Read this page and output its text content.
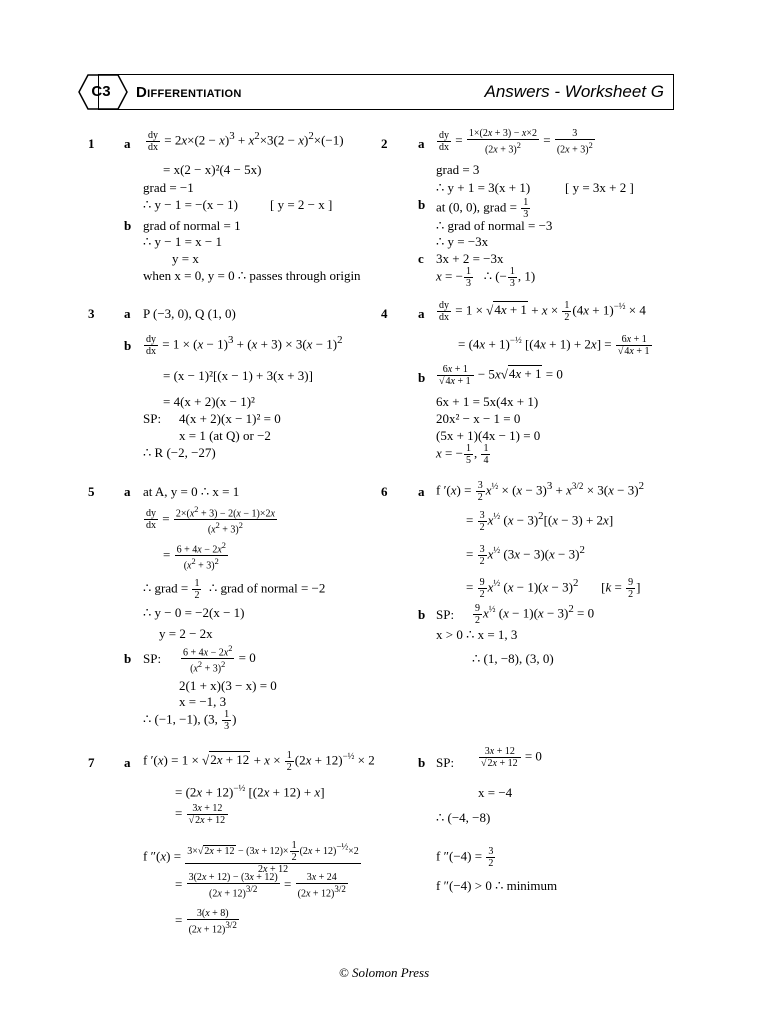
C3	Differentiation	Answers - Worksheet G
1 a $\frac{dy}{dx} = 2x\times(2 - x)^3 + x^2\times 3(2 - x)^2\times(-1)$
= x(2 − x)²(4 − 5x)
grad = −1
∴ y − 1 = −(x − 1) [ y = 2 − x ]
b grad of normal = 1
∴ y − 1 = x − 1
y = x
when x = 0, y = 0 ∴ passes through origin
2 a $\frac{dy}{dx} = \frac{1\times(2x + 3) - x\times 2}{(2x + 3)^2} = \frac{3}{(2x + 3)^2}$
grad = 3
∴ y + 1 = 3(x + 1)	[ y = 3x + 2 ]
b at (0, 0), grad = $\frac{1}{3}$
∴ grad of normal = −3
∴ y = −3x
c 3x + 2 = −3x
x = − $\frac{1}{3}$ ∴ (− $\frac{1}{3}$ , 1)
3 a P (−3, 0), Q (1, 0)
b $\frac{dy}{dx} = 1 \times (x - 1)^3 + (x + 3) \times 3(x - 1)^2$
= (x − 1)²[(x − 1) + 3(x + 3)]
= 4(x + 2)(x − 1)²
SP: 4(x + 2)(x − 1)² = 0
x = 1 (at Q) or −2
∴ R (−2, −27)
4 a $\frac{dy}{dx} = 1 \times √4x + 1 + x \times \frac{1}{2} (4x + 1)^{-\frac{1}{2}} \times 4$
= $(4x + 1)^{-\frac{1}{2}}$ $[(4x + 1) + 2x] = \frac{6x + 1}{√4x + 1}$
b $\frac{6x + 1}{√4x + 1} - 5x√4x + 1 = 0$
6x + 1 = 5x(4x + 1)
20x² − x − 1 = 0
(5x + 1)(4x − 1) = 0
x = − $\frac{1}{5}$ , $\frac{1}{4}$
5 a at A, y = 0 ∴ x = 1
$\frac{dy}{dx} = \frac{2\times(x^2 + 3) - 2(x - 1)\times 2x}{(x^2 + 3)^2}$
= $\frac{6 + 4x - 2x^2}{(x^2 + 3)^2}$
∴ grad = $\frac{1}{2}$ ∴ grad of normal = −2
∴ y − 0 = −2(x − 1)
y = 2 − 2x
b SP: $\frac{6 + 4x - 2x^2}{(x^2 + 3)^2} = 0$
2(1 + x)(3 − x) = 0
x = −1, 3
∴ (−1, −1), (3, $\frac{1}{3}$ )
6 a f $'(x) = \frac{3}{2} x^{\frac{1}{2}} \times (x - 3)^3 + x^{3/2} \times 3(x - 3)^2$
= $\frac{3}{2} x^{\frac{1}{2}}$ $(x - 3)^2[(x - 3) + 2x]$
= $\frac{3}{2} x^{\frac{1}{2}}$ $(3x - 3)(x - 3)^2$
= $\frac{9}{2} x^{\frac{1}{2}}$ $(x - 1)(x - 3)^2$       [$k = \frac{9}{2}$ ]
b SP: $\frac{9}{2} x^{\frac{1}{2}}$ $(x - 1)(x - 3)^2 = 0$
x > 0 ∴ x = 1, 3
∴ (1, −8), (3, 0)
7 a f $'(x) = 1 \times √2x + 12 + x \times \frac{1}{2} (2x + 12)^{-\frac{1}{2}} \times 2$
= $(2x + 12)^{-\frac{1}{2}}$ [(2x + 12) + x]
= $\frac{3x + 12}{√2x + 12}$
f $''(x) = \frac{3\times√2x + 12 - (3x + 12)\times \frac{1}{2} (2x + 12)^{-\frac{1}{2}}\times 2}{2x + 12}$
= $\frac{3(2x + 12) - (3x + 12)}{(2x + 12)^{3/2}} = \frac{3x + 24}{(2x + 12)^{3/2}}$
= $\frac{3(x + 8)}{(2x + 12)^{3/2}}$
b SP: $\frac{3x + 12}{√2x + 12} = 0$
x = −4
∴ (−4, −8)
f $''(-4) = \frac{3}{2}$
f ″(−4) > 0 ∴ minimum
© Solomon Press
